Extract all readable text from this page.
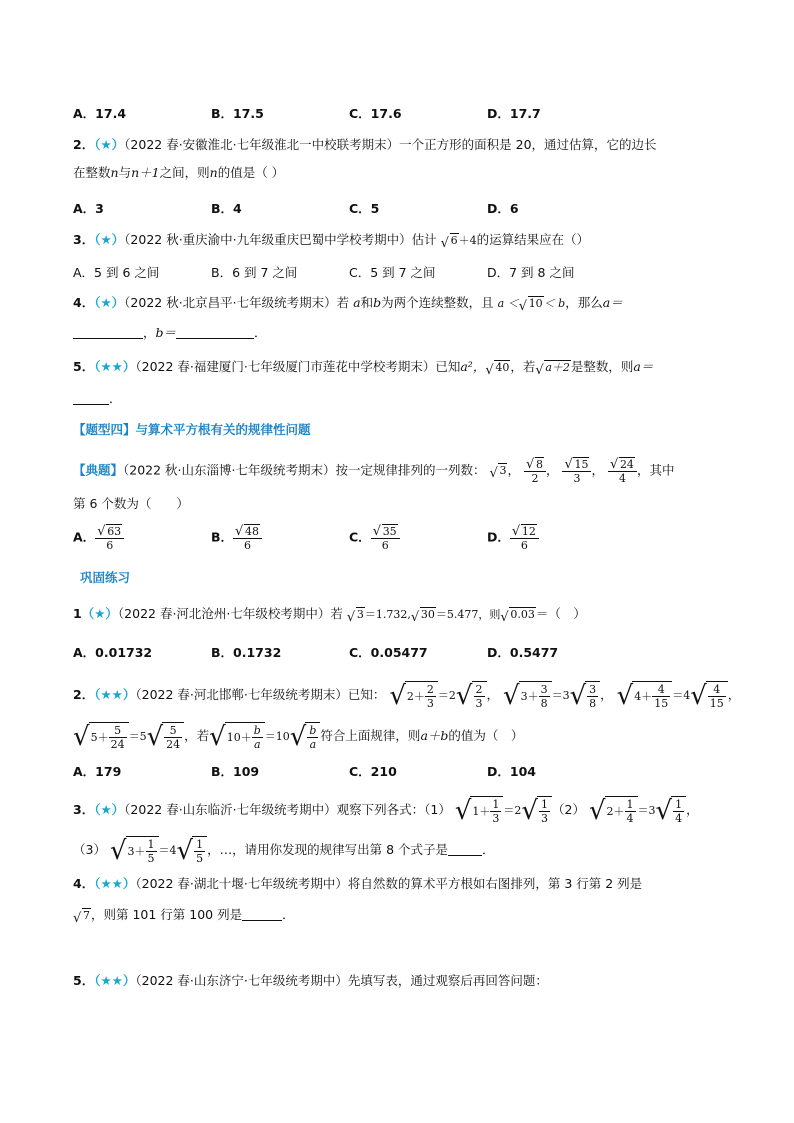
A．17.4	B．17.5	C．17.6	D．17.7
2．（★）（2022 春·安徽淮北·七年级淮北一中校联考期末）一个正方形的面积是 20，通过估算，它的边长
在整数n与n＋1之间，则n的值是（ ）
A．3	B．4	C．5	D．6
3．（★）（2022 秋·重庆渝中·九年级重庆巴蜀中学校考期中）估计 √ 6＋4的运算结果应在（）
A．5 到 6 之间	B．6 到 7 之间	C．5 到 7 之间	D．7 到 8 之间
4．（★）（2022 秋·北京昌平·七年级统考期末）若 a和b为两个连续整数，且 a ＜ √ 10＜ b，那么a＝
，b＝	．
5．（★★）（2022 春·福建厦门·七年级厦门市莲花中学校考期末）已知a²， √ 40，若 √ a＋2是整数，则a＝
．
【题型四】与算术平方根有关的规律性问题
【典题】（2022 秋·山东淄博·七年级统考期末）按一定规律排列的一列数： √ 3， $\frac{√ 8}{2}$ ， $\frac{√ 15}{3}$ ， $\frac{√ 24}{4}$ ，其中
第 6 个数为（　　）
A． $\frac{√ 63}{6}$	B． $\frac{√ 48}{6}$	C． $\frac{√ 35}{6}$	D． $\frac{√ 12}{6}$
巩固练习
1（★）（2022 春·河北沧州·七年级校考期中）若 √ 3＝1.732, √ 30＝5.477，则 √ 0.03＝（　）
A．0.01732	B．0.1732	C．0.05477	D．0.5477
2．（★★）（2022 春·河北邯郸·七年级统考期末）已知： √ $2 + \frac{2}{3} = 2$ √ $\frac{2}{3}$ ， √ $3 + \frac{3}{8} = 3$ √ $\frac{3}{8}$ ， √ $4 + \frac{4}{15} = 4$ √ $\frac{4}{15}$ ，
√ $5 + \frac{5}{24} = 5$ √ $\frac{5}{24}$ ，若 √ $10 + \frac{b}{a} = 10$ √ $\frac{b}{a}$ 符合上面规律，则a＋b的值为（　）
A．179	B．109	C．210	D．104
3．（★）（2022 春·山东临沂·七年级统考期中）观察下列各式：（1） √ $1 + \frac{1}{3} = 2$ √ $\frac{1}{3} (2)$ √ $2 + \frac{1}{4} = 3$ √ $\frac{1}{4}$ ，
（3） √ $3 + \frac{1}{5} = 4$ √ $\frac{1}{5}$ ，…，请用你发现的规律写出第 8 个式子是	．
4．（★★）（2022 春·湖北十堰·七年级统考期中）将自然数的算术平方根如右图排列，第 3 行第 2 列是
√ 7，则第 101 行第 100 列是	．
5．（★★）（2022 春·山东济宁·七年级统考期中）先填写表，通过观察后再回答问题：
